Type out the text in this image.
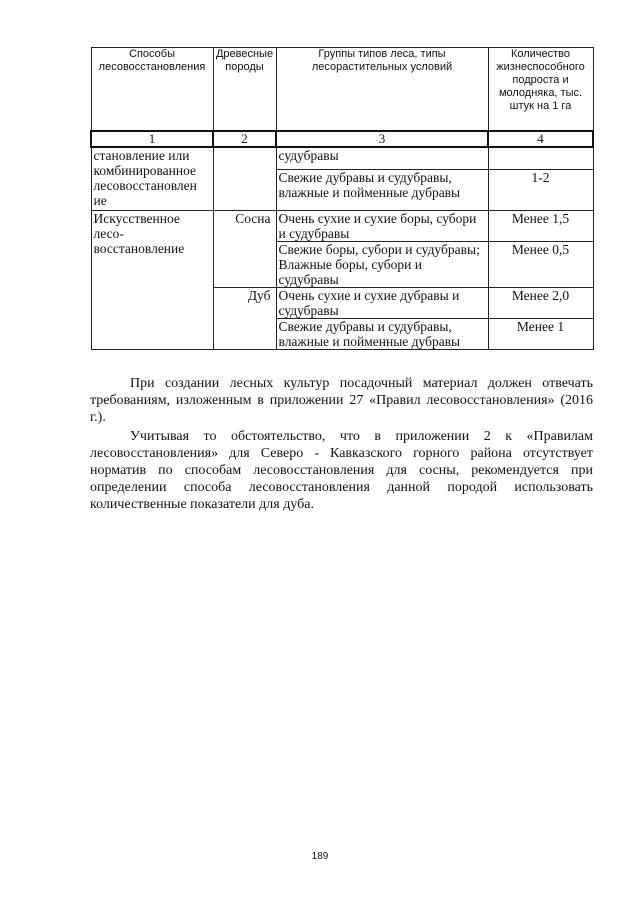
Способы лесовосстановления	Древесные породы	Группы типов леса, типы лесорастительных условий	Количество жизнеспособного подроста и молодняка, тыс. штук на 1 га
1	2	3	4
становление или комбинированное лесовосстановлен ие		судубравы	
		Свежие дубравы и судубравы, влажные и пойменные дубравы	1-2
Искусственное лесо-восстановление	Сосна	Очень сухие и сухие боры, субори и судубравы	Менее 1,5
		Свежие боры, субори и судубравы; Влажные боры, субори и судубравы	Менее 0,5
	Дуб	Очень сухие и сухие дубравы и судубравы	Менее 2,0
		Свежие дубравы и судубравы, влажные и пойменные дубравы	Менее 1

При создании лесных культур посадочный материал должен отвечать требованиям, изложенным в приложении 27 «Правил лесовосстановления» (2016 г.).

Учитывая то обстоятельство, что в приложении 2 к «Правилам лесовосстановления» для Северо - Кавказского горного района отсутствует норматив по способам лесовосстановления для сосны, рекомендуется при определении способа лесовосстановления данной породой использовать количественные показатели для дуба.

189
